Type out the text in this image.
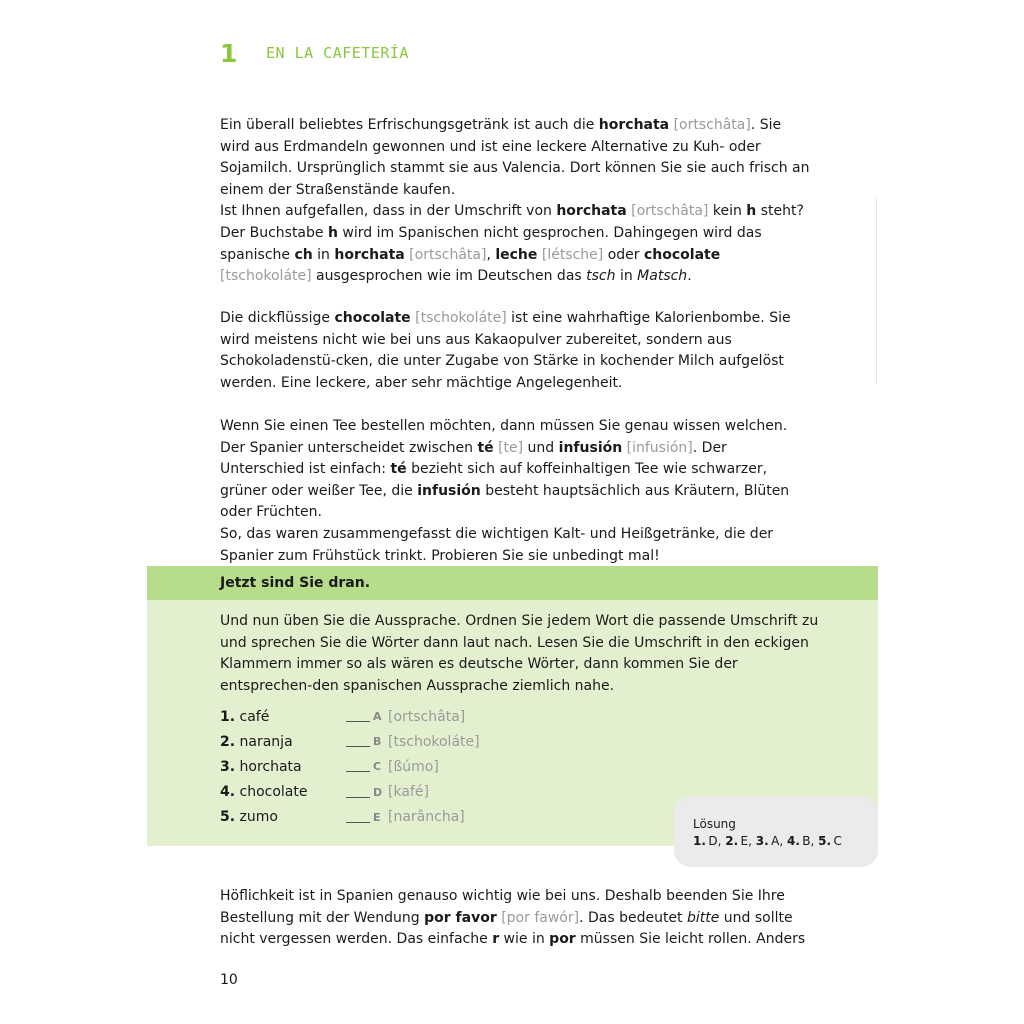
1	EN LA CAFETERÍA

Ein überall beliebtes Erfrischungsgetränk ist auch die horchata [ortschâta]. Sie wird aus Erdmandeln gewonnen und ist eine leckere Alternative zu Kuh- oder Sojamilch. Ursprünglich stammt sie aus Valencia. Dort können Sie sie auch frisch an einem der Straßenstände kaufen.
Ist Ihnen aufgefallen, dass in der Umschrift von horchata [ortschâta] kein h steht? Der Buchstabe h wird im Spanischen nicht gesprochen. Dahingegen wird das spanische ch in horchata [ortschâta], leche [létsche] oder chocolate [tschokoláte] ausgesprochen wie im Deutschen das tsch in Matsch.

Die dickflüssige chocolate [tschokoláte] ist eine wahrhaftige Kalorienbombe. Sie wird meistens nicht wie bei uns aus Kakaopulver zubereitet, sondern aus Schokoladenstü-cken, die unter Zugabe von Stärke in kochender Milch aufgelöst werden. Eine leckere, aber sehr mächtige Angelegenheit.

Wenn Sie einen Tee bestellen möchten, dann müssen Sie genau wissen welchen. Der Spanier unterscheidet zwischen té [te] und infusión [infusión]. Der Unterschied ist einfach: té bezieht sich auf koffeinhaltigen Tee wie schwarzer, grüner oder weißer Tee, die infusión besteht hauptsächlich aus Kräutern, Blüten oder Früchten.
So, das waren zusammengefasst die wichtigen Kalt- und Heißgetränke, die der Spanier zum Frühstück trinkt. Probieren Sie sie unbedingt mal!

Jetzt sind Sie dran.

Und nun üben Sie die Aussprache. Ordnen Sie jedem Wort die passende Umschrift zu und sprechen Sie die Wörter dann laut nach. Lesen Sie die Umschrift in den eckigen Klammern immer so als wären es deutsche Wörter, dann kommen Sie der entsprechen-den spanischen Aussprache ziemlich nahe.

1. café	A [ortschâta]
2. naranja	B [tschokoláte]
3. horchata	C [ßúmo]
4. chocolate	D [kafé]
5. zumo	E [narâncha]	Lösung
1.  D, 2.  E, 3.  A, 4.  B, 5.  C

Höflichkeit ist in Spanien genauso wichtig wie bei uns. Deshalb beenden Sie Ihre Bestellung mit der Wendung por favor [por fawór]. Das bedeutet bitte und sollte nicht vergessen werden. Das einfache r wie in por müssen Sie leicht rollen. Anders

10
